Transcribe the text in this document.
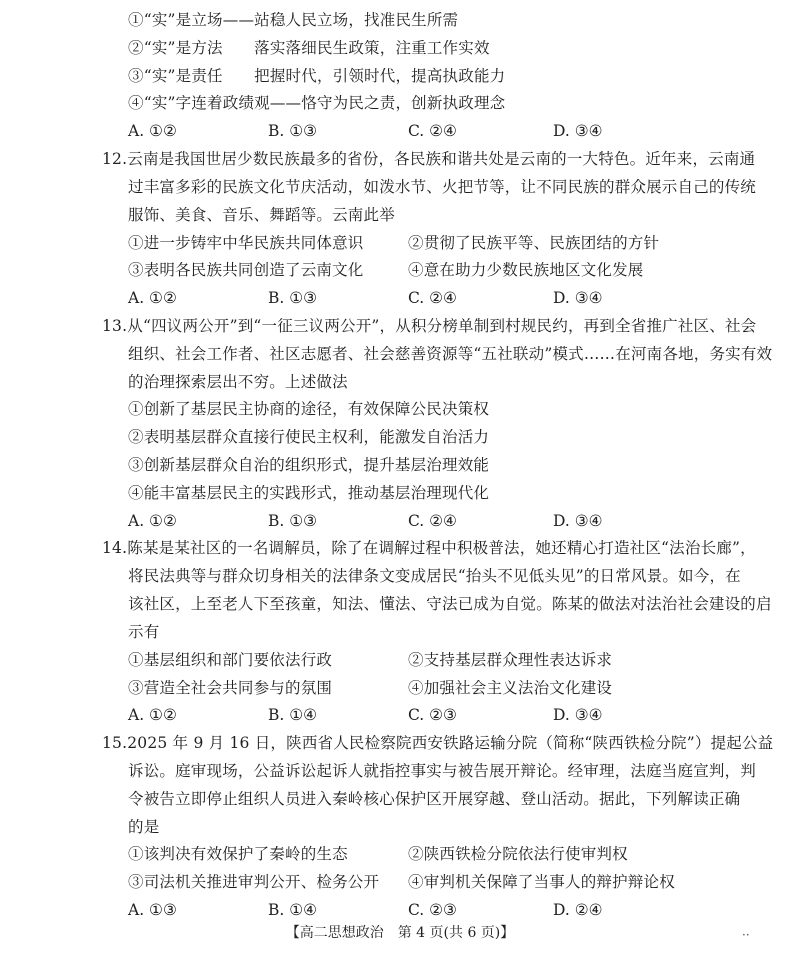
①“实”是立场——站稳人民立场，找准民生所需
②“实”是方法　　落实落细民生政策，注重工作实效
③“实”是责任　　把握时代，引领时代，提高执政能力
④“实”字连着政绩观——恪守为民之责，创新执政理念
A. ①②	B. ①③	C. ②④	D. ③④
12.云南是我国世居少数民族最多的省份，各民族和谐共处是云南的一大特色。近年来，云南通
过丰富多彩的民族文化节庆活动，如泼水节、火把节等，让不同民族的群众展示自己的传统
服饰、美食、音乐、舞蹈等。云南此举
①进一步铸牢中华民族共同体意识	②贯彻了民族平等、民族团结的方针
③表明各民族共同创造了云南文化	④意在助力少数民族地区文化发展
A. ①②	B. ①③	C. ②④	D. ③④
13.从“四议两公开”到“一征三议两公开”，从积分榜单制到村规民约，再到全省推广社区、社会
组织、社会工作者、社区志愿者、社会慈善资源等“五社联动”模式……在河南各地，务实有效
的治理探索层出不穷。上述做法
①创新了基层民主协商的途径，有效保障公民决策权
②表明基层群众直接行使民主权利，能激发自治活力
③创新基层群众自治的组织形式，提升基层治理效能
④能丰富基层民主的实践形式，推动基层治理现代化
A. ①②	B. ①③	C. ②④	D. ③④
14.陈某是某社区的一名调解员，除了在调解过程中积极普法，她还精心打造社区“法治长廊”，
将民法典等与群众切身相关的法律条文变成居民“抬头不见低头见”的日常风景。如今，在
该社区，上至老人下至孩童，知法、懂法、守法已成为自觉。陈某的做法对法治社会建设的启
示有
①基层组织和部门要依法行政	②支持基层群众理性表达诉求
③营造全社会共同参与的氛围	④加强社会主义法治文化建设
A. ①②	B. ①④	C. ②③	D. ③④
15.2025 年 9 月 16 日，陕西省人民检察院西安铁路运输分院（简称“陕西铁检分院”）提起公益
诉讼。庭审现场，公益诉讼起诉人就指控事实与被告展开辩论。经审理，法庭当庭宣判，判
令被告立即停止组织人员进入秦岭核心保护区开展穿越、登山活动。据此，下列解读正确
的是
①该判决有效保护了秦岭的生态	②陕西铁检分院依法行使审判权
③司法机关推进审判公开、检务公开 ④审判机关保障了当事人的辩护辩论权
A. ①③	B. ①④	C. ②③	D. ②④
【高二思想政治　第 4 页(共 6 页)】	··
